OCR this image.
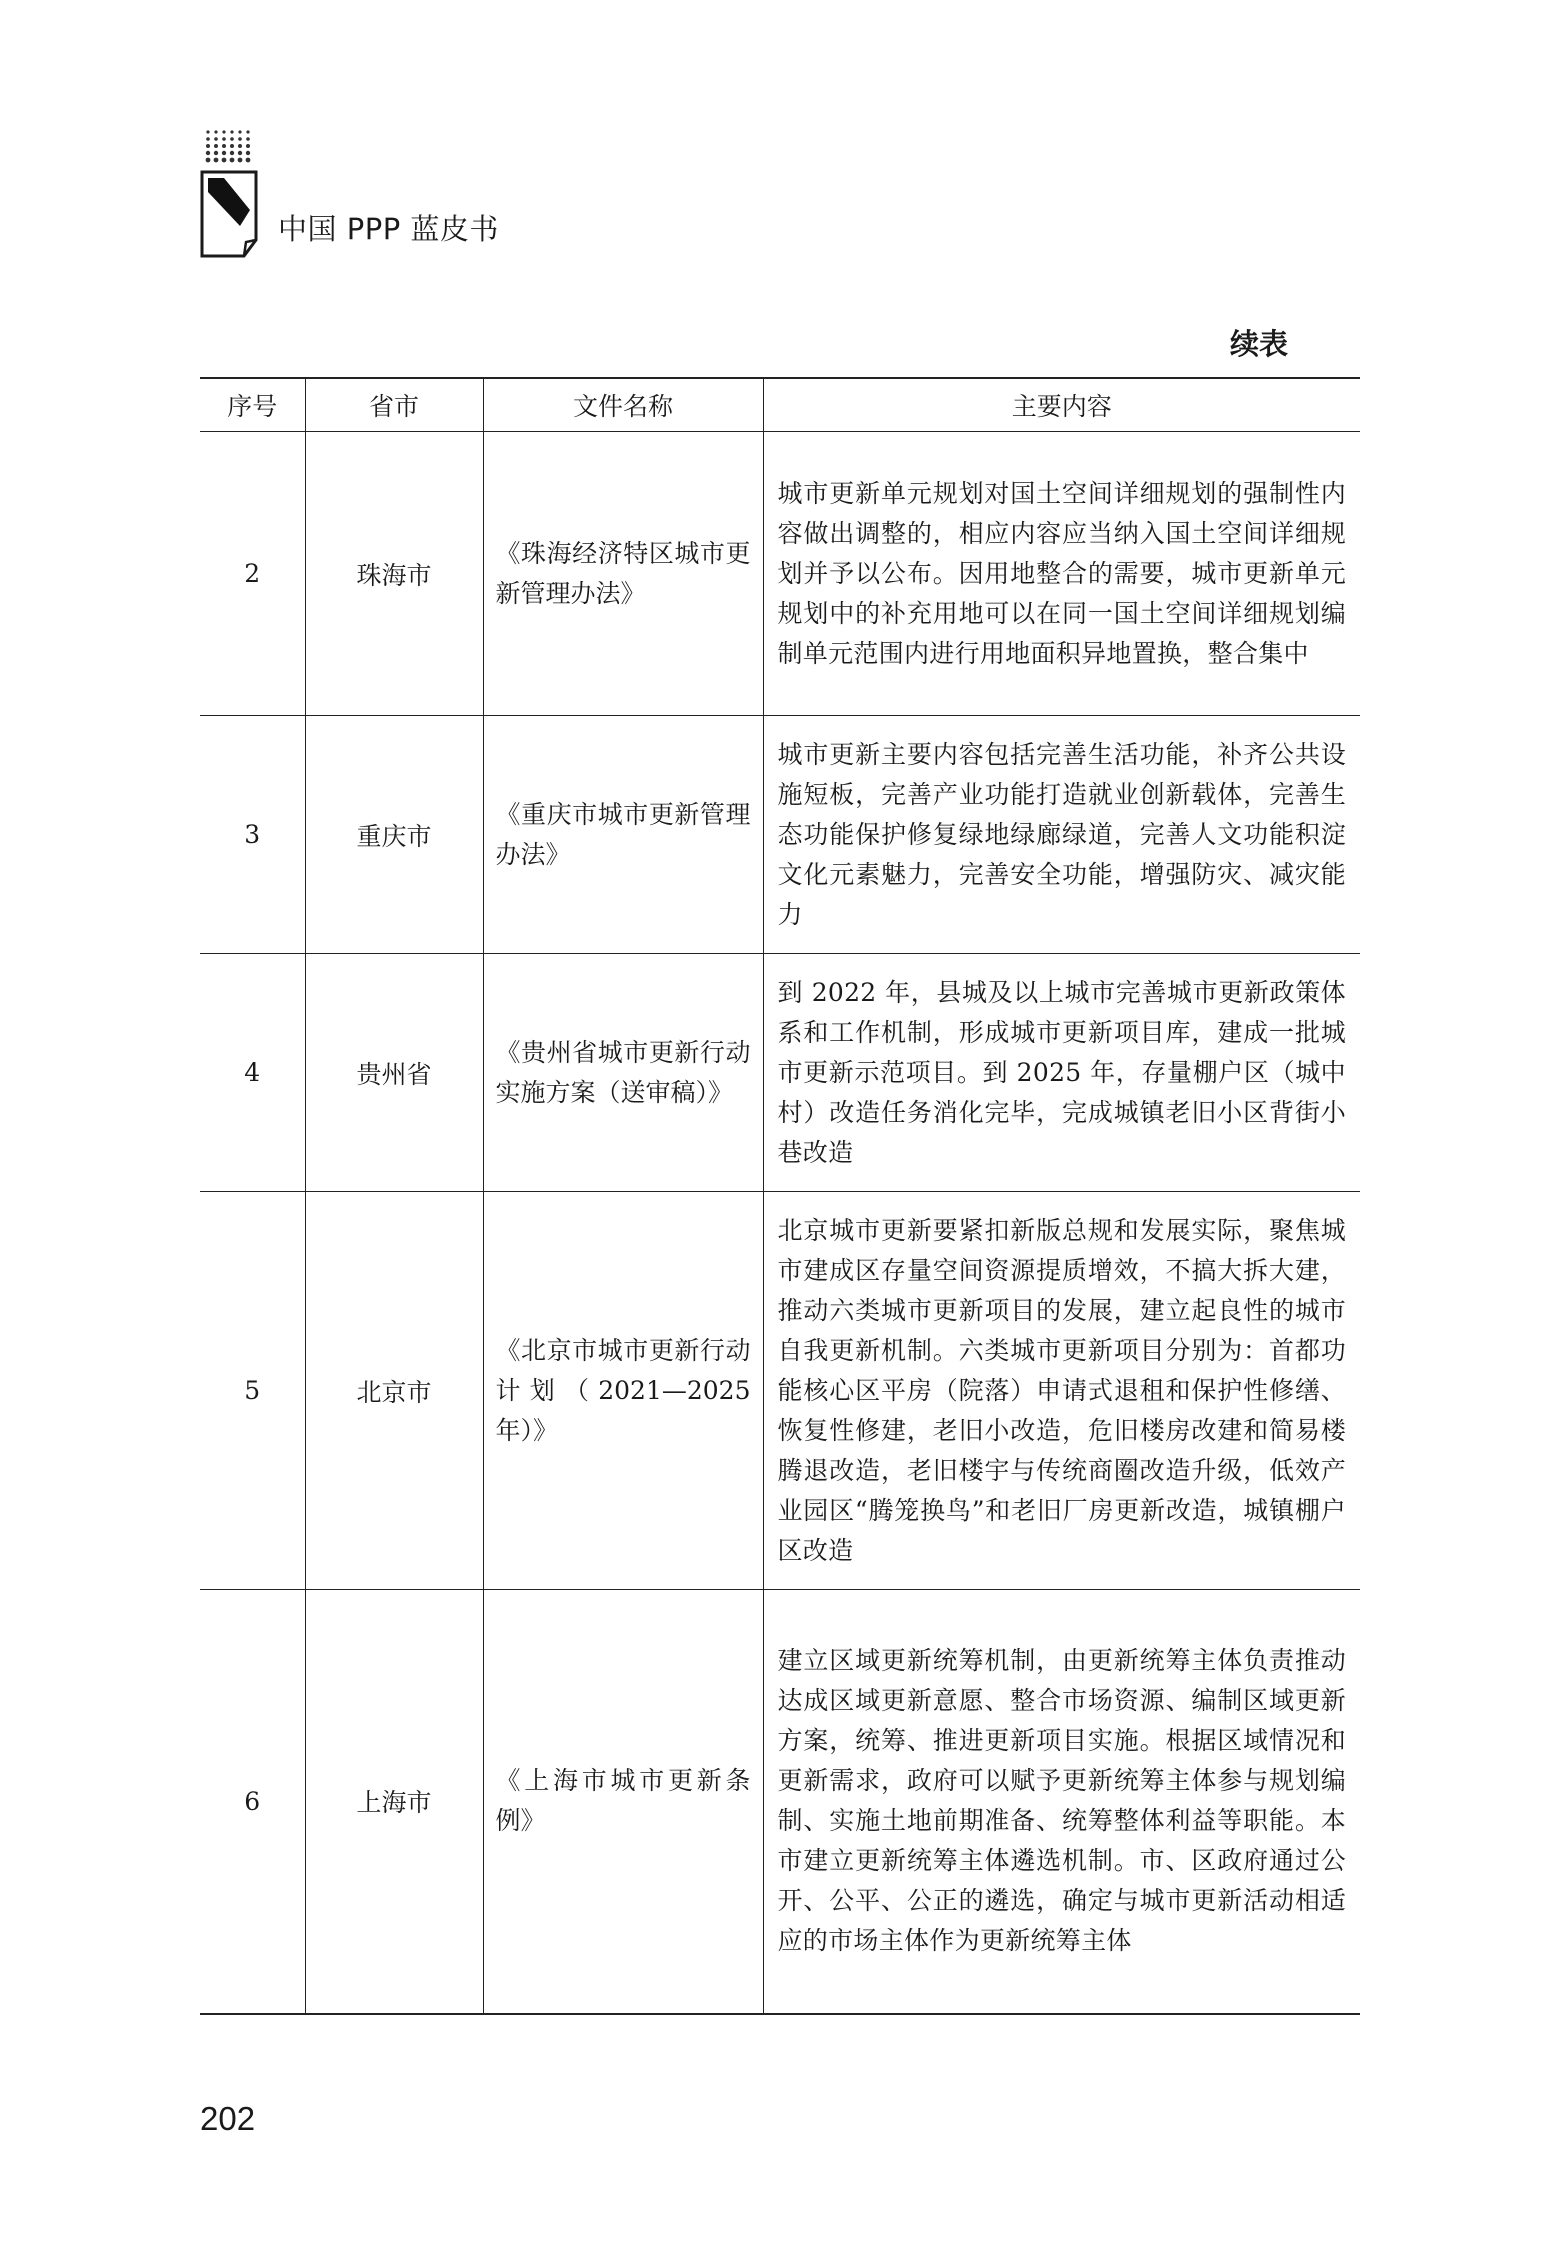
中国 PPP 蓝皮书
续表
序号	省市	文件名称	主要内容
2	珠海市	《珠海经济特区城市更新管理办法》	城市更新单元规划对国土空间详细规划的强制性内容做出调整的，相应内容应当纳入国土空间详细规划并予以公布。因用地整合的需要，城市更新单元规划中的补充用地可以在同一国土空间详细规划编制单元范围内进行用地面积异地置换，整合集中
3	重庆市	《重庆市城市更新管理办法》	城市更新主要内容包括完善生活功能，补齐公共设施短板，完善产业功能打造就业创新载体，完善生态功能保护修复绿地绿廊绿道，完善人文功能积淀文化元素魅力，完善安全功能，增强防灾、减灾能力
4	贵州省	《贵州省城市更新行动实施方案（送审稿）》	到 2022 年，县城及以上城市完善城市更新政策体系和工作机制，形成城市更新项目库，建成一批城市更新示范项目。到 2025 年，存量棚户区（城中村）改造任务消化完毕，完成城镇老旧小区背街小巷改造
5	北京市	《北京市城市更新行动计划（2021—2025 年）》	北京城市更新要紧扣新版总规和发展实际，聚焦城市建成区存量空间资源提质增效，不搞大拆大建，推动六类城市更新项目的发展，建立起良性的城市自我更新机制。六类城市更新项目分别为：首都功能核心区平房（院落）申请式退租和保护性修缮、恢复性修建，老旧小改造，危旧楼房改建和简易楼腾退改造，老旧楼宇与传统商圈改造升级，低效产业园区“腾笼换鸟”和老旧厂房更新改造，城镇棚户区改造
6	上海市	《上海市城市更新条例》	建立区域更新统筹机制，由更新统筹主体负责推动达成区域更新意愿、整合市场资源、编制区域更新方案，统筹、推进更新项目实施。根据区域情况和更新需求，政府可以赋予更新统筹主体参与规划编制、实施土地前期准备、统筹整体利益等职能。本市建立更新统筹主体遴选机制。市、区政府通过公开、公平、公正的遴选，确定与城市更新活动相适应的市场主体作为更新统筹主体
202
